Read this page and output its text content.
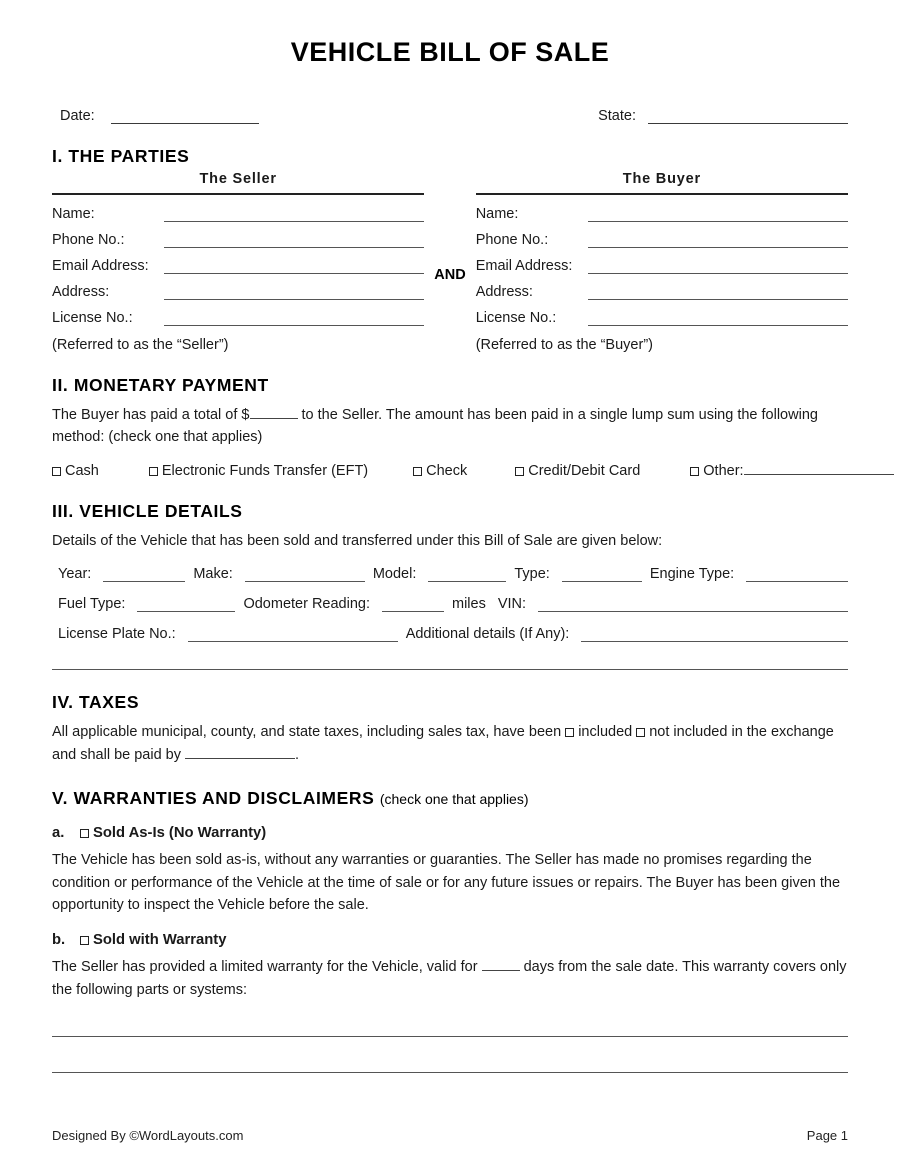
VEHICLE BILL OF SALE
Date:	State:
I. THE PARTIES
The Seller
Name:
Phone No.:
Email Address:
Address:
License No.:
(Referred to as the “Seller”)
AND
The Buyer
Name:
Phone No.:
Email Address:
Address:
License No.:
(Referred to as the “Buyer”)
II. MONETARY PAYMENT
The Buyer has paid a total of $	to the Seller. The amount has been paid in a single lump sum using the following method: (check one that applies)
Cash	Electronic Funds Transfer (EFT)	Check	Credit/Debit Card	Other:
III. VEHICLE DETAILS
Details of the Vehicle that has been sold and transferred under this Bill of Sale are given below:
Year:	Make:	Model:	Type:	Engine Type:
Fuel Type:	Odometer Reading:	miles VIN:
License Plate No.:	Additional details (If Any):
IV. TAXES
All applicable municipal, county, and state taxes, including sales tax, have been included not included in the exchange and shall be paid by	.
V. WARRANTIES AND DISCLAIMERS (check one that applies)
a. Sold As-Is (No Warranty)
The Vehicle has been sold as-is, without any warranties or guaranties. The Seller has made no promises regarding the condition or performance of the Vehicle at the time of sale or for any future issues or repairs. The Buyer has been given the opportunity to inspect the Vehicle before the sale.
b. Sold with Warranty
The Seller has provided a limited warranty for the Vehicle, valid for	days from the sale date. This warranty covers only the following parts or systems:
Designed By ©WordLayouts.com	Page 1
